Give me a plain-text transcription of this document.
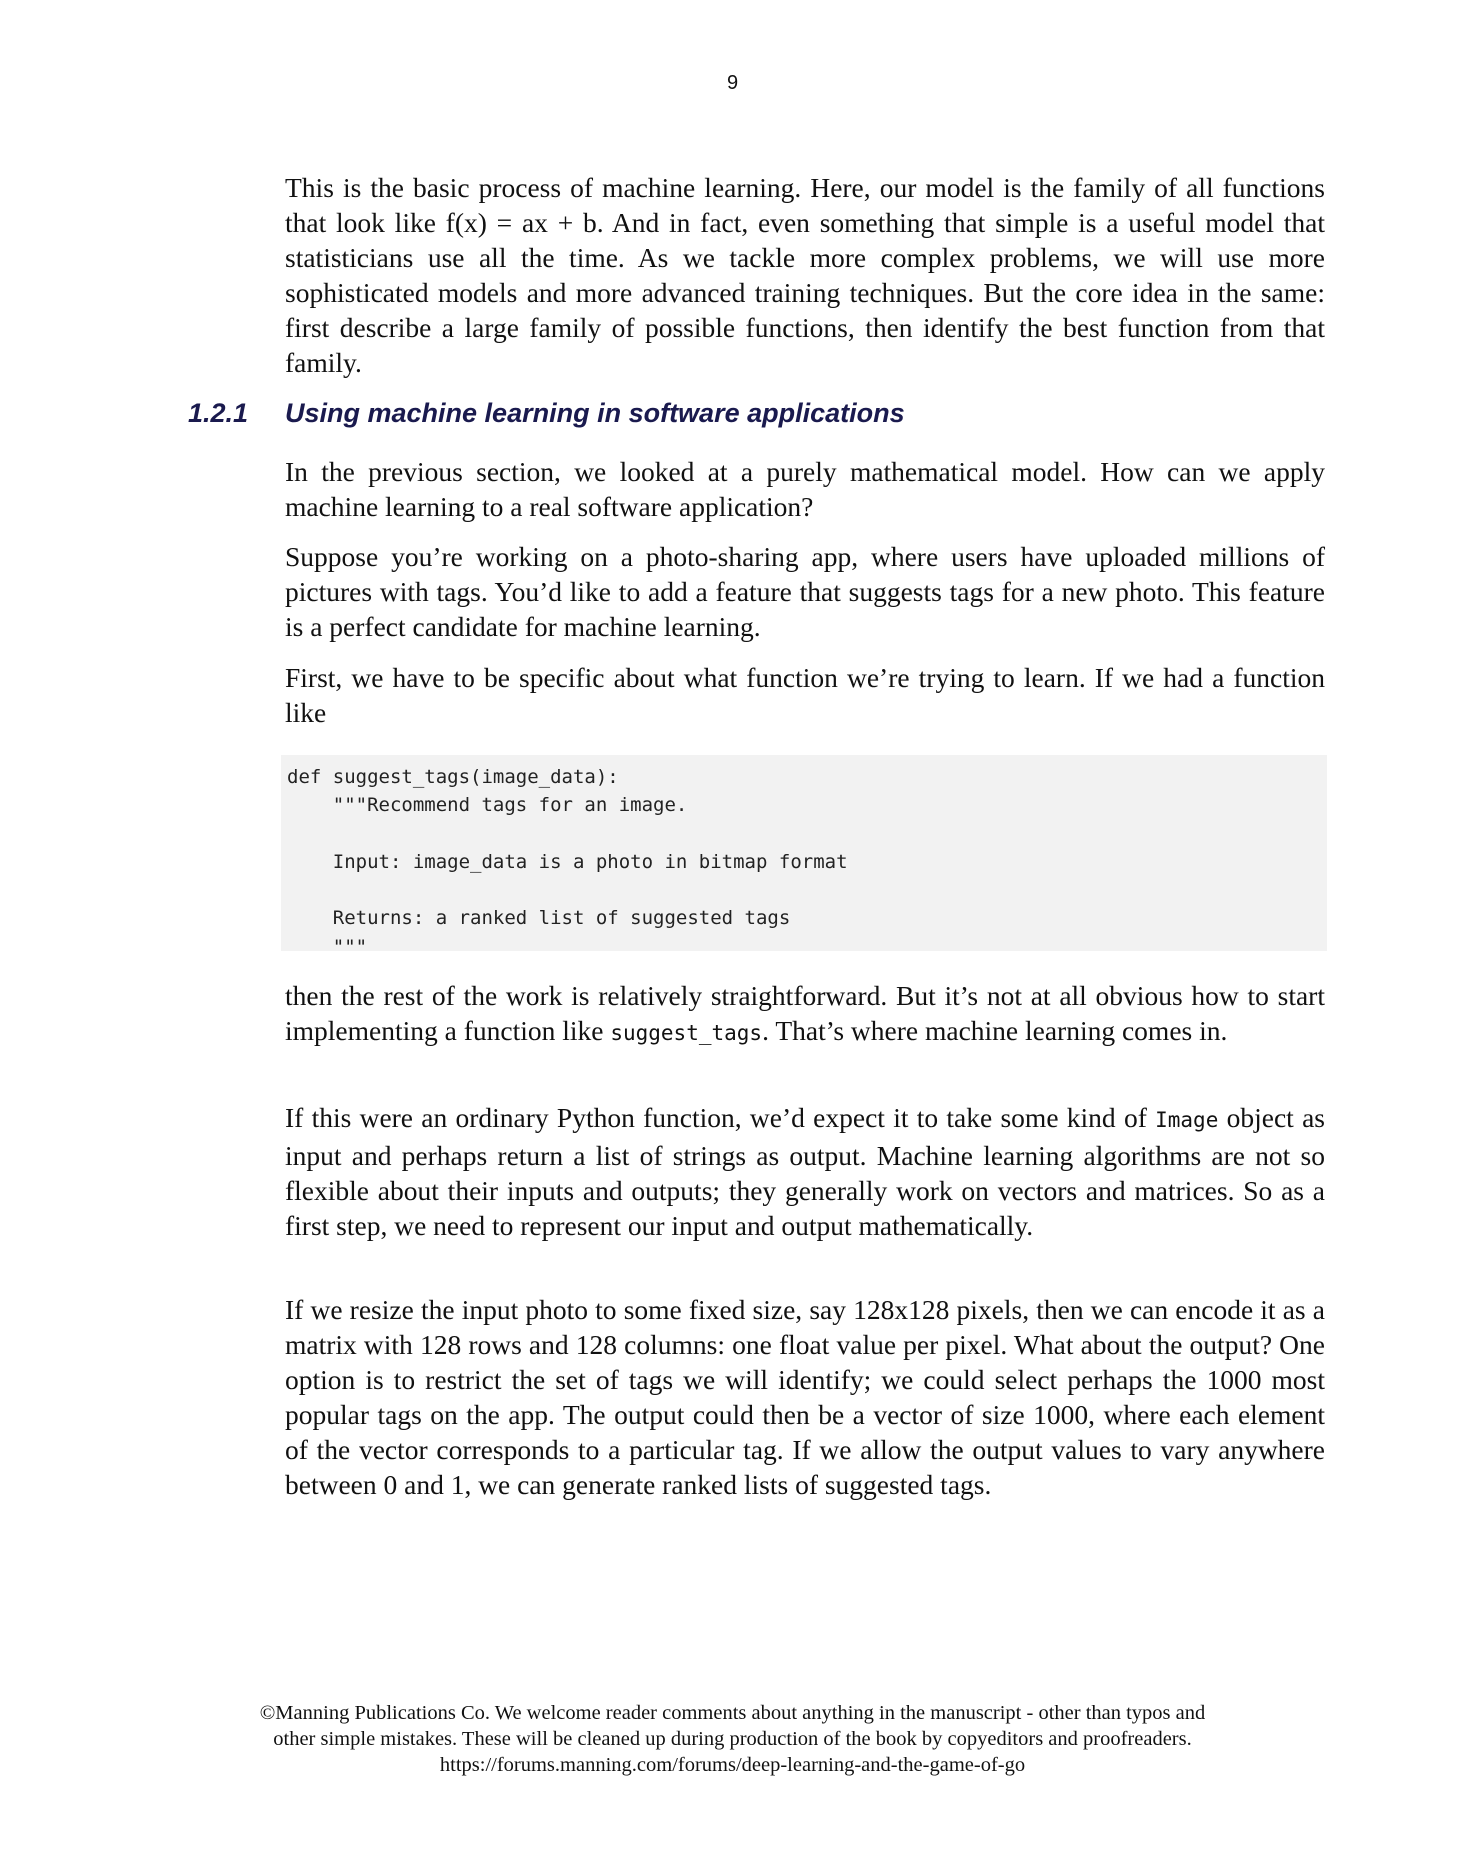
9

This is the basic process of machine learning. Here, our model is the family of all functions that look like f(x) = ax + b. And in fact, even something that simple is a useful model that statisticians use all the time. As we tackle more complex problems, we will use more sophisticated models and more advanced training techniques. But the core idea in the same: first describe a large family of possible functions, then identify the best function from that family.

1.2.1 Using machine learning in software applications

In the previous section, we looked at a purely mathematical model. How can we apply machine learning to a real software application?

Suppose you’re working on a photo-sharing app, where users have uploaded millions of pictures with tags. You’d like to add a feature that suggests tags for a new photo. This feature is a perfect candidate for machine learning.

First, we have to be specific about what function we’re trying to learn. If we had a function like

def suggest_tags(image_data):
"""Recommend tags for an image.

Input: image_data is a photo in bitmap format

Returns: a ranked list of suggested tags
"""

then the rest of the work is relatively straightforward. But it’s not at all obvious how to start implementing a function like suggest_tags. That’s where machine learning comes in.

If this were an ordinary Python function, we’d expect it to take some kind of Image object as input and perhaps return a list of strings as output. Machine learning algorithms are not so flexible about their inputs and outputs; they generally work on vectors and matrices. So as a first step, we need to represent our input and output mathematically.

If we resize the input photo to some fixed size, say 128x128 pixels, then we can encode it as a matrix with 128 rows and 128 columns: one float value per pixel. What about the output? One option is to restrict the set of tags we will identify; we could select perhaps the 1000 most popular tags on the app. The output could then be a vector of size 1000, where each element of the vector corresponds to a particular tag. If we allow the output values to vary anywhere between 0 and 1, we can generate ranked lists of suggested tags.

©Manning Publications Co. We welcome reader comments about anything in the manuscript - other than typos and
other simple mistakes. These will be cleaned up during production of the book by copyeditors and proofreaders.
https://forums.manning.com/forums/deep-learning-and-the-game-of-go
